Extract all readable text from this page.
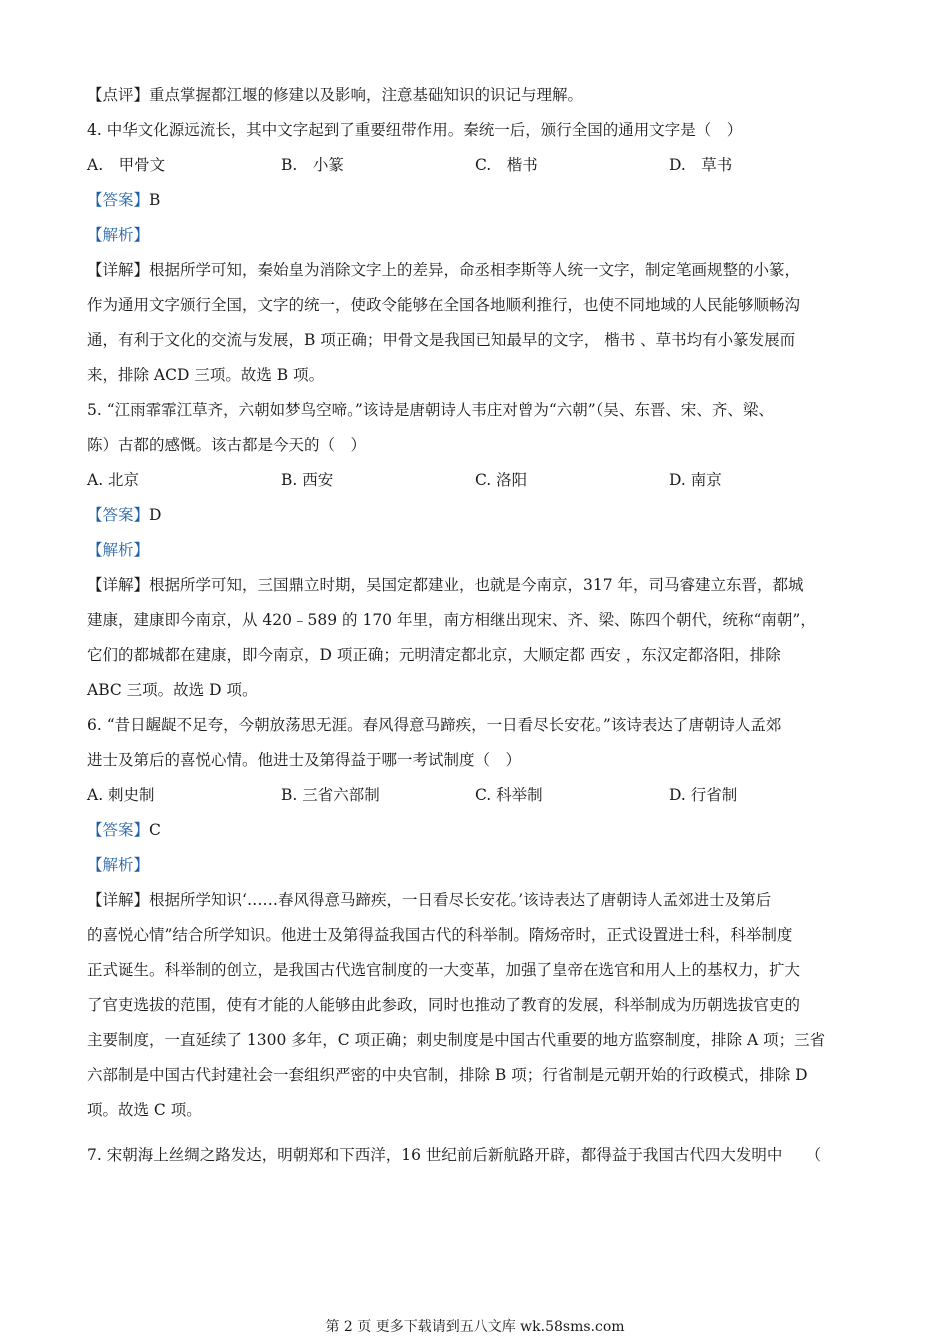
【点评】重点掌握都江堰的修建以及影响，注意基础知识的识记与理解。
4. 中华文化源远流长，其中文字起到了重要纽带作用。秦统一后，颁行全国的通用文字是（　）
A.　甲骨文	B.　小篆	C.　楷书	D.　草书
【答案】B
【解析】
【详解】根据所学可知，秦始皇为消除文字上的差异，命丞相李斯等人统一文字，制定笔画规整的小篆，
作为通用文字颁行全国，文字的统一，使政令能够在全国各地顺利推行，也使不同地域的人民能够顺畅沟
通，有利于文化的交流与发展，B 项正确；甲骨文是我国已知最早的文字， 楷书 、草书均有小篆发展而
来，排除 ACD 三项。故选 B 项。
5. “江雨霏霏江草齐，六朝如梦鸟空啼。”该诗是唐朝诗人韦庄对曾为“六朝”（吴、东晋、宋、齐、梁、
陈）古都的感慨。该古都是今天的（　）
A. 北京	B. 西安	C. 洛阳	D. 南京
【答案】D
【解析】
【详解】根据所学可知，三国鼎立时期，吴国定都建业，也就是今南京，317 年，司马睿建立东晋，都城
建康，建康即今南京，从 420﹣589 的 170 年里，南方相继出现宋、齐、梁、陈四个朝代，统称“南朝”，
它们的都城都在建康，即今南京，D 项正确；元明清定都北京，大顺定都 西安 ，东汉定都洛阳，排除
ABC 三项。故选 D 项。
6. “昔日龌龊不足夸，今朝放荡思无涯。春风得意马蹄疾，一日看尽长安花。”该诗表达了唐朝诗人孟郊
进士及第后的喜悦心情。他进士及第得益于哪一考试制度（　）
A. 刺史制	B. 三省六部制	C. 科举制	D. 行省制
【答案】C
【解析】
【详解】根据所学知识‘……春风得意马蹄疾，一日看尽长安花。’该诗表达了唐朝诗人孟郊进士及第后
的喜悦心情”结合所学知识。他进士及第得益我国古代的科举制。隋炀帝时，正式设置进士科，科举制度
正式诞生。科举制的创立，是我国古代选官制度的一大变革，加强了皇帝在选官和用人上的基权力，扩大
了官吏选拔的范围，使有才能的人能够由此参政，同时也推动了教育的发展，科举制成为历朝选拔官吏的
主要制度，一直延续了 1300 多年，C 项正确；刺史制度是中国古代重要的地方监察制度，排除 A 项；三省
六部制是中国古代封建社会一套组织严密的中央官制，排除 B 项；行省制是元朝开始的行政模式，排除 D
项。故选 C 项。
7. 宋朝海上丝绸之路发达，明朝郑和下西洋，16 世纪前后新航路开辟，都得益于我国古代四大发明中　　（
第 2 页 更多下载请到五八文库 wk.58sms.com
